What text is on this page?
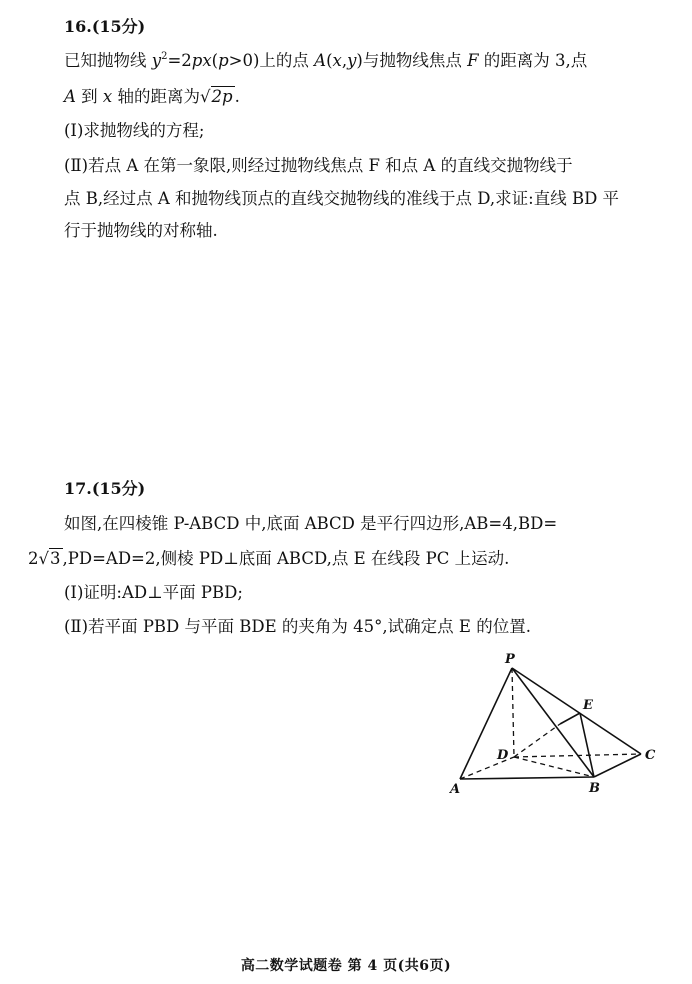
16.(15分)
已知抛物线 $y^2=2px(p>0)$上的点 A(x,y)与抛物线焦点 F 的距离为 3,点
A 到 x 轴的距离为√2p .
(Ⅰ)求抛物线的方程;
(Ⅱ)若点 A 在第一象限,则经过抛物线焦点 F 和点 A 的直线交抛物线于
点 B,经过点 A 和抛物线顶点的直线交抛物线的准线于点 D,求证:直线 BD 平
行于抛物线的对称轴.
17.(15分)
如图,在四棱锥 P-ABCD 中,底面 ABCD 是平行四边形,AB=4,BD=
2√3 ,PD=AD=2,侧棱 PD⊥底面 ABCD,点 E 在线段 PC 上运动.
(Ⅰ)证明:AD⊥平面 PBD;
(Ⅱ)若平面 PBD 与平面 BDE 的夹角为 45°,试确定点 E 的位置.
P
E
D	C
A	B
高二数学试题卷 第 4 页(共6页)
